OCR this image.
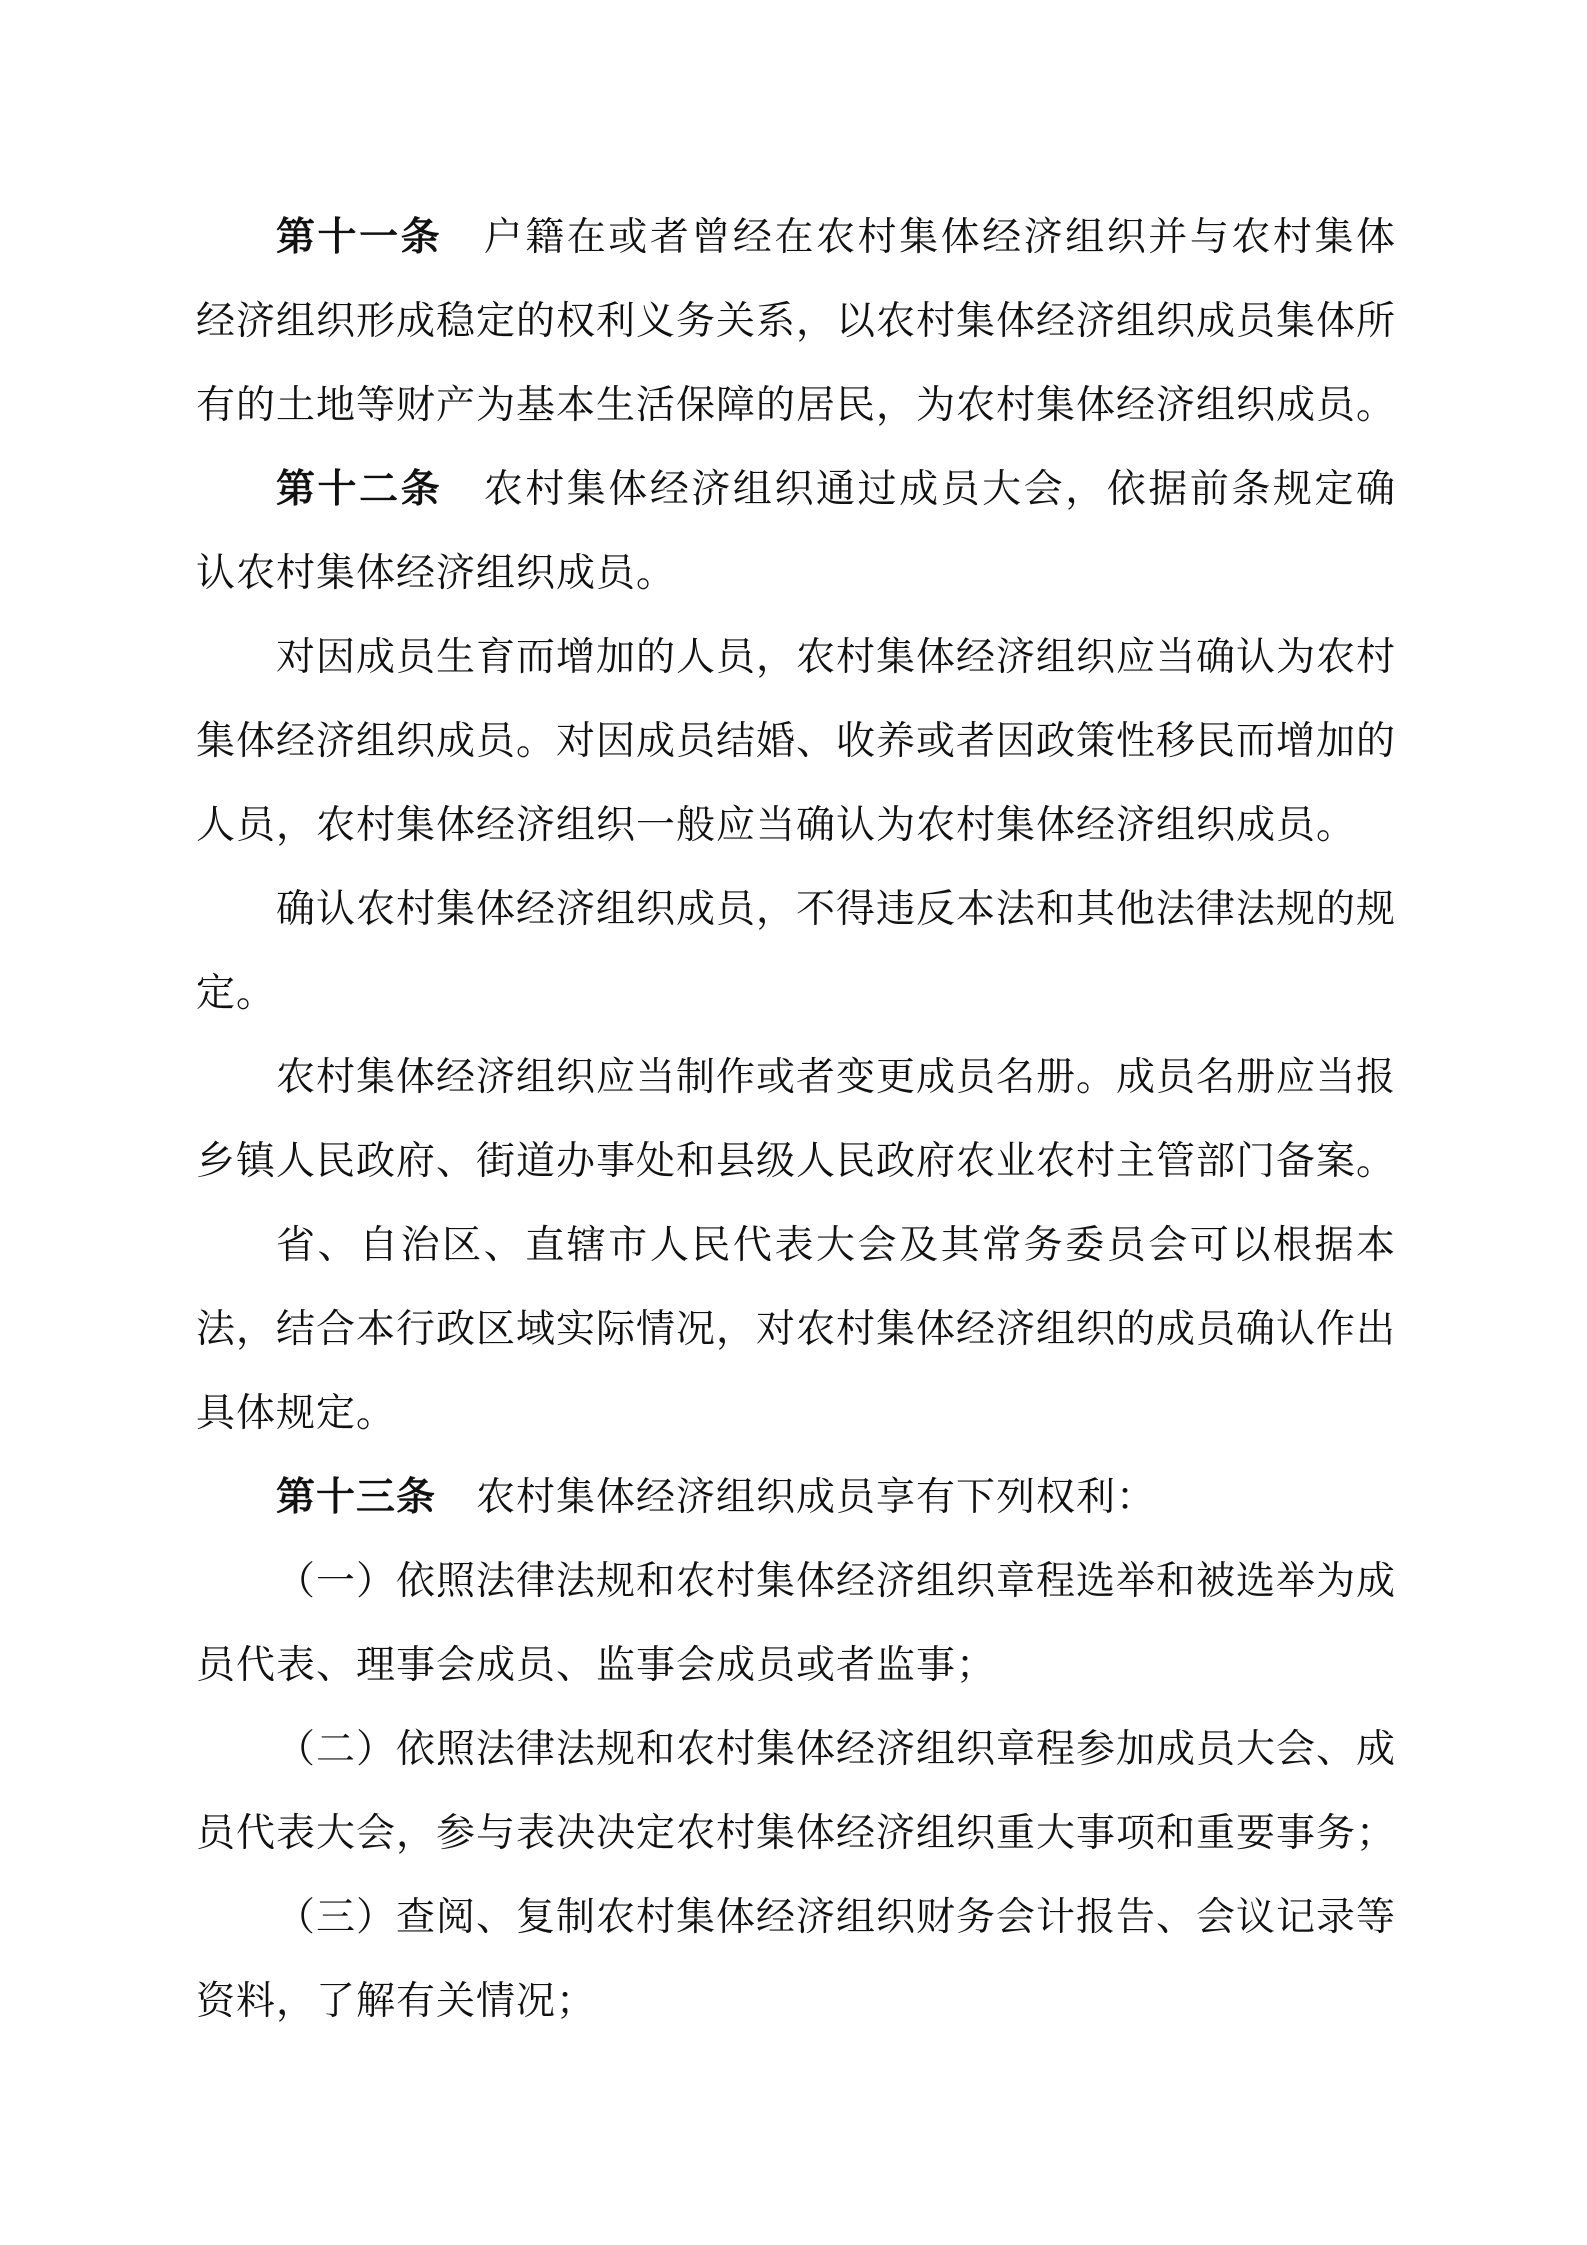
第十一条 户籍在或者曾经在农村集体经济组织并与农村集体经济组织形成稳定的权利义务关系，以农村集体经济组织成员集体所有的土地等财产为基本生活保障的居民，为农村集体经济组织成员。

第十二条 农村集体经济组织通过成员大会，依据前条规定确认农村集体经济组织成员。

对因成员生育而增加的人员，农村集体经济组织应当确认为农村集体经济组织成员。对因成员结婚、收养或者因政策性移民而增加的人员，农村集体经济组织一般应当确认为农村集体经济组织成员。

确认农村集体经济组织成员，不得违反本法和其他法律法规的规定。

农村集体经济组织应当制作或者变更成员名册。成员名册应当报乡镇人民政府、街道办事处和县级人民政府农业农村主管部门备案。

省、自治区、直辖市人民代表大会及其常务委员会可以根据本法，结合本行政区域实际情况，对农村集体经济组织的成员确认作出具体规定。

第十三条 农村集体经济组织成员享有下列权利：

（一）依照法律法规和农村集体经济组织章程选举和被选举为成员代表、理事会成员、监事会成员或者监事；

（二）依照法律法规和农村集体经济组织章程参加成员大会、成员代表大会，参与表决决定农村集体经济组织重大事项和重要事务；

（三）查阅、复制农村集体经济组织财务会计报告、会议记录等资料，了解有关情况；
